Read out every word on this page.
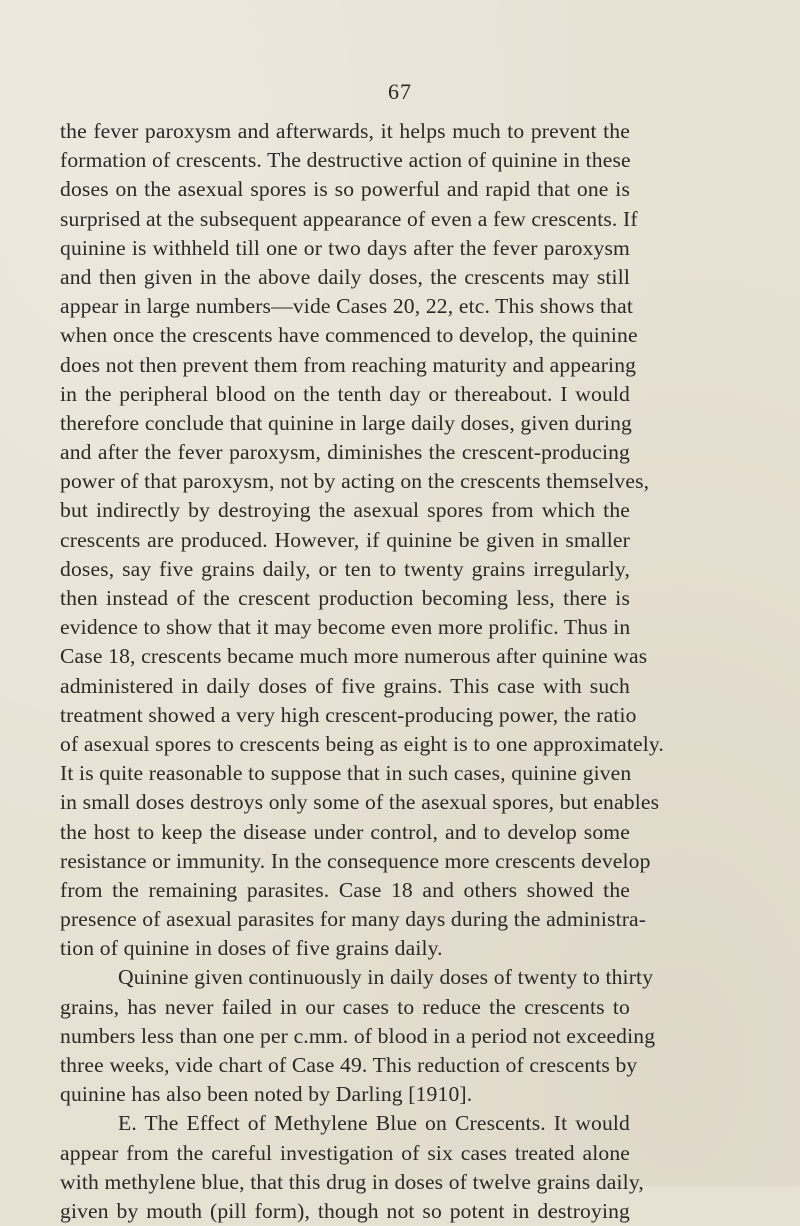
67
the fever paroxysm and afterwards, it helps much to prevent the
formation of crescents. The destructive action of quinine in these
doses on the asexual spores is so powerful and rapid that one is
surprised at the subsequent appearance of even a few crescents. If
quinine is withheld till one or two days after the fever paroxysm
and then given in the above daily doses, the crescents may still
appear in large numbers—vide Cases 20, 22, etc. This shows that
when once the crescents have commenced to develop, the quinine
does not then prevent them from reaching maturity and appearing
in the peripheral blood on the tenth day or thereabout. I would
therefore conclude that quinine in large daily doses, given during
and after the fever paroxysm, diminishes the crescent-producing
power of that paroxysm, not by acting on the crescents themselves,
but indirectly by destroying the asexual spores from which the
crescents are produced. However, if quinine be given in smaller
doses, say five grains daily, or ten to twenty grains irregularly,
then instead of the crescent production becoming less, there is
evidence to show that it may become even more prolific. Thus in
Case 18, crescents became much more numerous after quinine was
administered in daily doses of five grains. This case with such
treatment showed a very high crescent-producing power, the ratio
of asexual spores to crescents being as eight is to one approximately.
It is quite reasonable to suppose that in such cases, quinine given
in small doses destroys only some of the asexual spores, but enables
the host to keep the disease under control, and to develop some
resistance or immunity. In the consequence more crescents develop
from the remaining parasites. Case 18 and others showed the
presence of asexual parasites for many days during the administra-
tion of quinine in doses of five grains daily.
Quinine given continuously in daily doses of twenty to thirty
grains, has never failed in our cases to reduce the crescents to
numbers less than one per c.mm. of blood in a period not exceeding
three weeks, vide chart of Case 49. This reduction of crescents by
quinine has also been noted by Darling [1910].
E. The Effect of Methylene Blue on Crescents. It would
appear from the careful investigation of six cases treated alone
with methylene blue, that this drug in doses of twelve grains daily,
given by mouth (pill form), though not so potent in destroying
